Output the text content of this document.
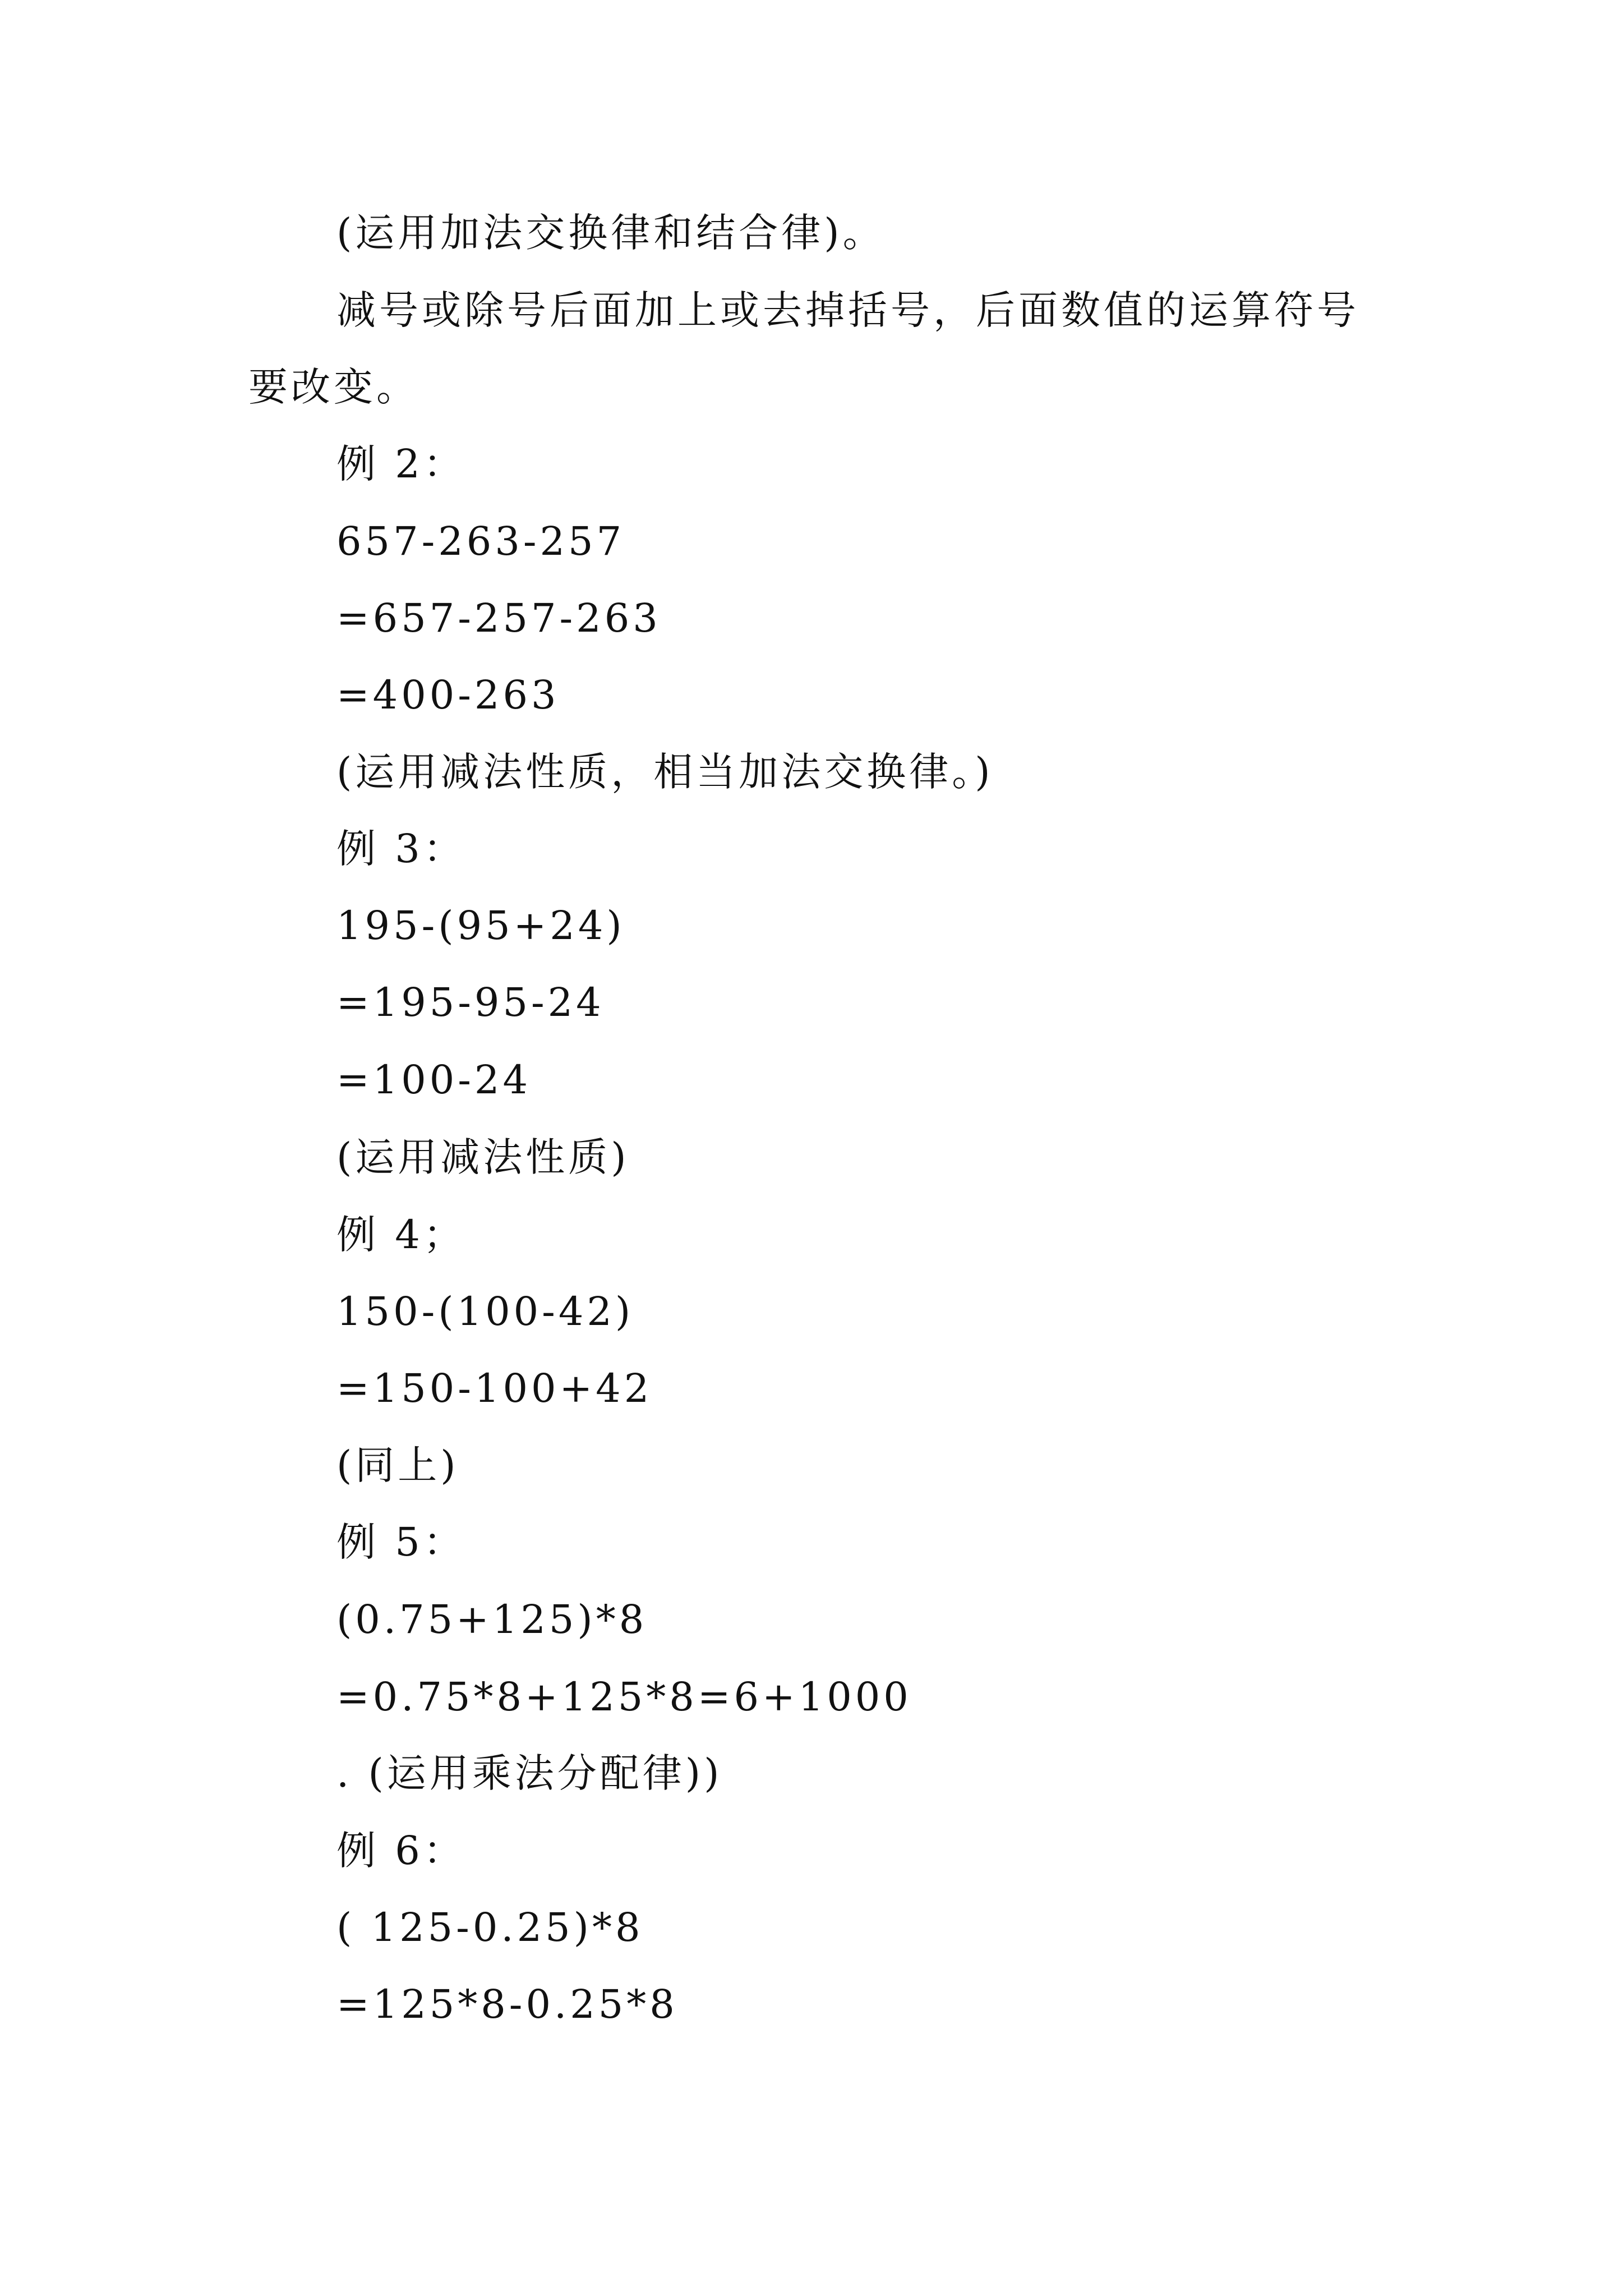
(运用加法交换律和结合律)。
减号或除号后面加上或去掉括号，后面数值的运算符号
要改变。
例 2：
657-263-257
=657-257-263
=400-263
(运用减法性质，相当加法交换律。)
例 3：
195-(95+24)
=195-95-24
=100-24
(运用减法性质)
例 4；
150-(100-42)
=150-100+42
(同上)
例 5：
(0.75+125)*8
=0.75*8+125*8=6+1000
. (运用乘法分配律))
例 6：
( 125-0.25)*8
=125*8-0.25*8
